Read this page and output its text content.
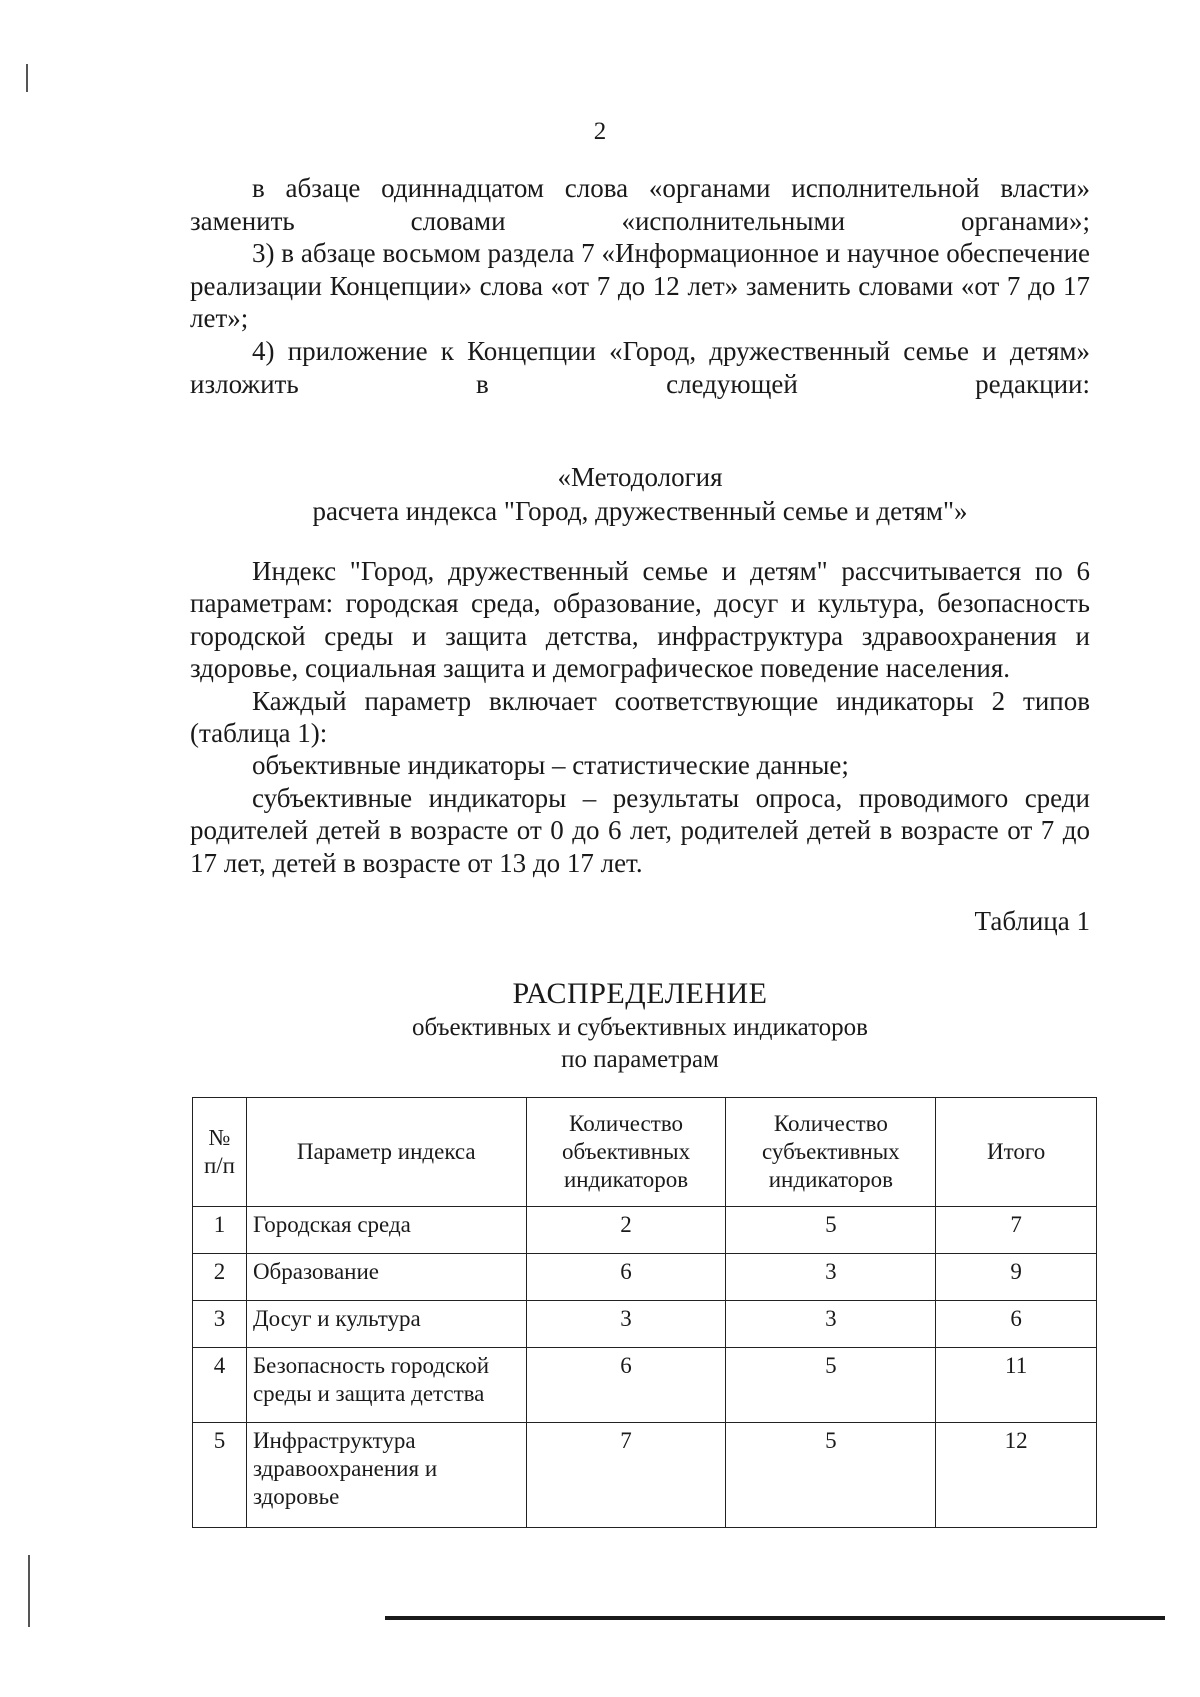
2

в абзаце одиннадцатом слова «органами исполнительной власти» заменить словами «исполнительными органами»;

3) в абзаце восьмом раздела 7 «Информационное и научное обеспечение реализации Концепции» слова «от 7 до 12 лет» заменить словами «от 7 до 17 лет»;

4) приложение к Концепции «Город, дружественный семье и детям» изложить в следующей редакции:

«Методология

расчета индекса "Город, дружественный семье и детям"»

Индекс "Город, дружественный семье и детям" рассчитывается по 6 параметрам: городская среда, образование, досуг и культура, безопасность городской среды и защита детства, инфраструктура здравоохранения и здоровье, социальная защита и демографическое поведение населения.

Каждый параметр включает соответствующие индикаторы 2 типов (таблица 1):

объективные индикаторы – статистические данные;

субъективные индикаторы – результаты опроса, проводимого среди родителей детей в возрасте от 0 до 6 лет, родителей детей в возрасте от 7 до 17 лет, детей в возрасте от 13 до 17 лет.

Таблица 1

РАСПРЕДЕЛЕНИЕ

объективных и субъективных индикаторов

по параметрам

№ п/п	Параметр индекса	Количество объективных индикаторов	Количество субъективных индикаторов	Итого
1	Городская среда	2	5	7
2	Образование	6	3	9
3	Досуг и культура	3	3	6
4	Безопасность городской среды и защита детства	6	5	11
5	Инфраструктура здравоохранения и здоровье	7	5	12
